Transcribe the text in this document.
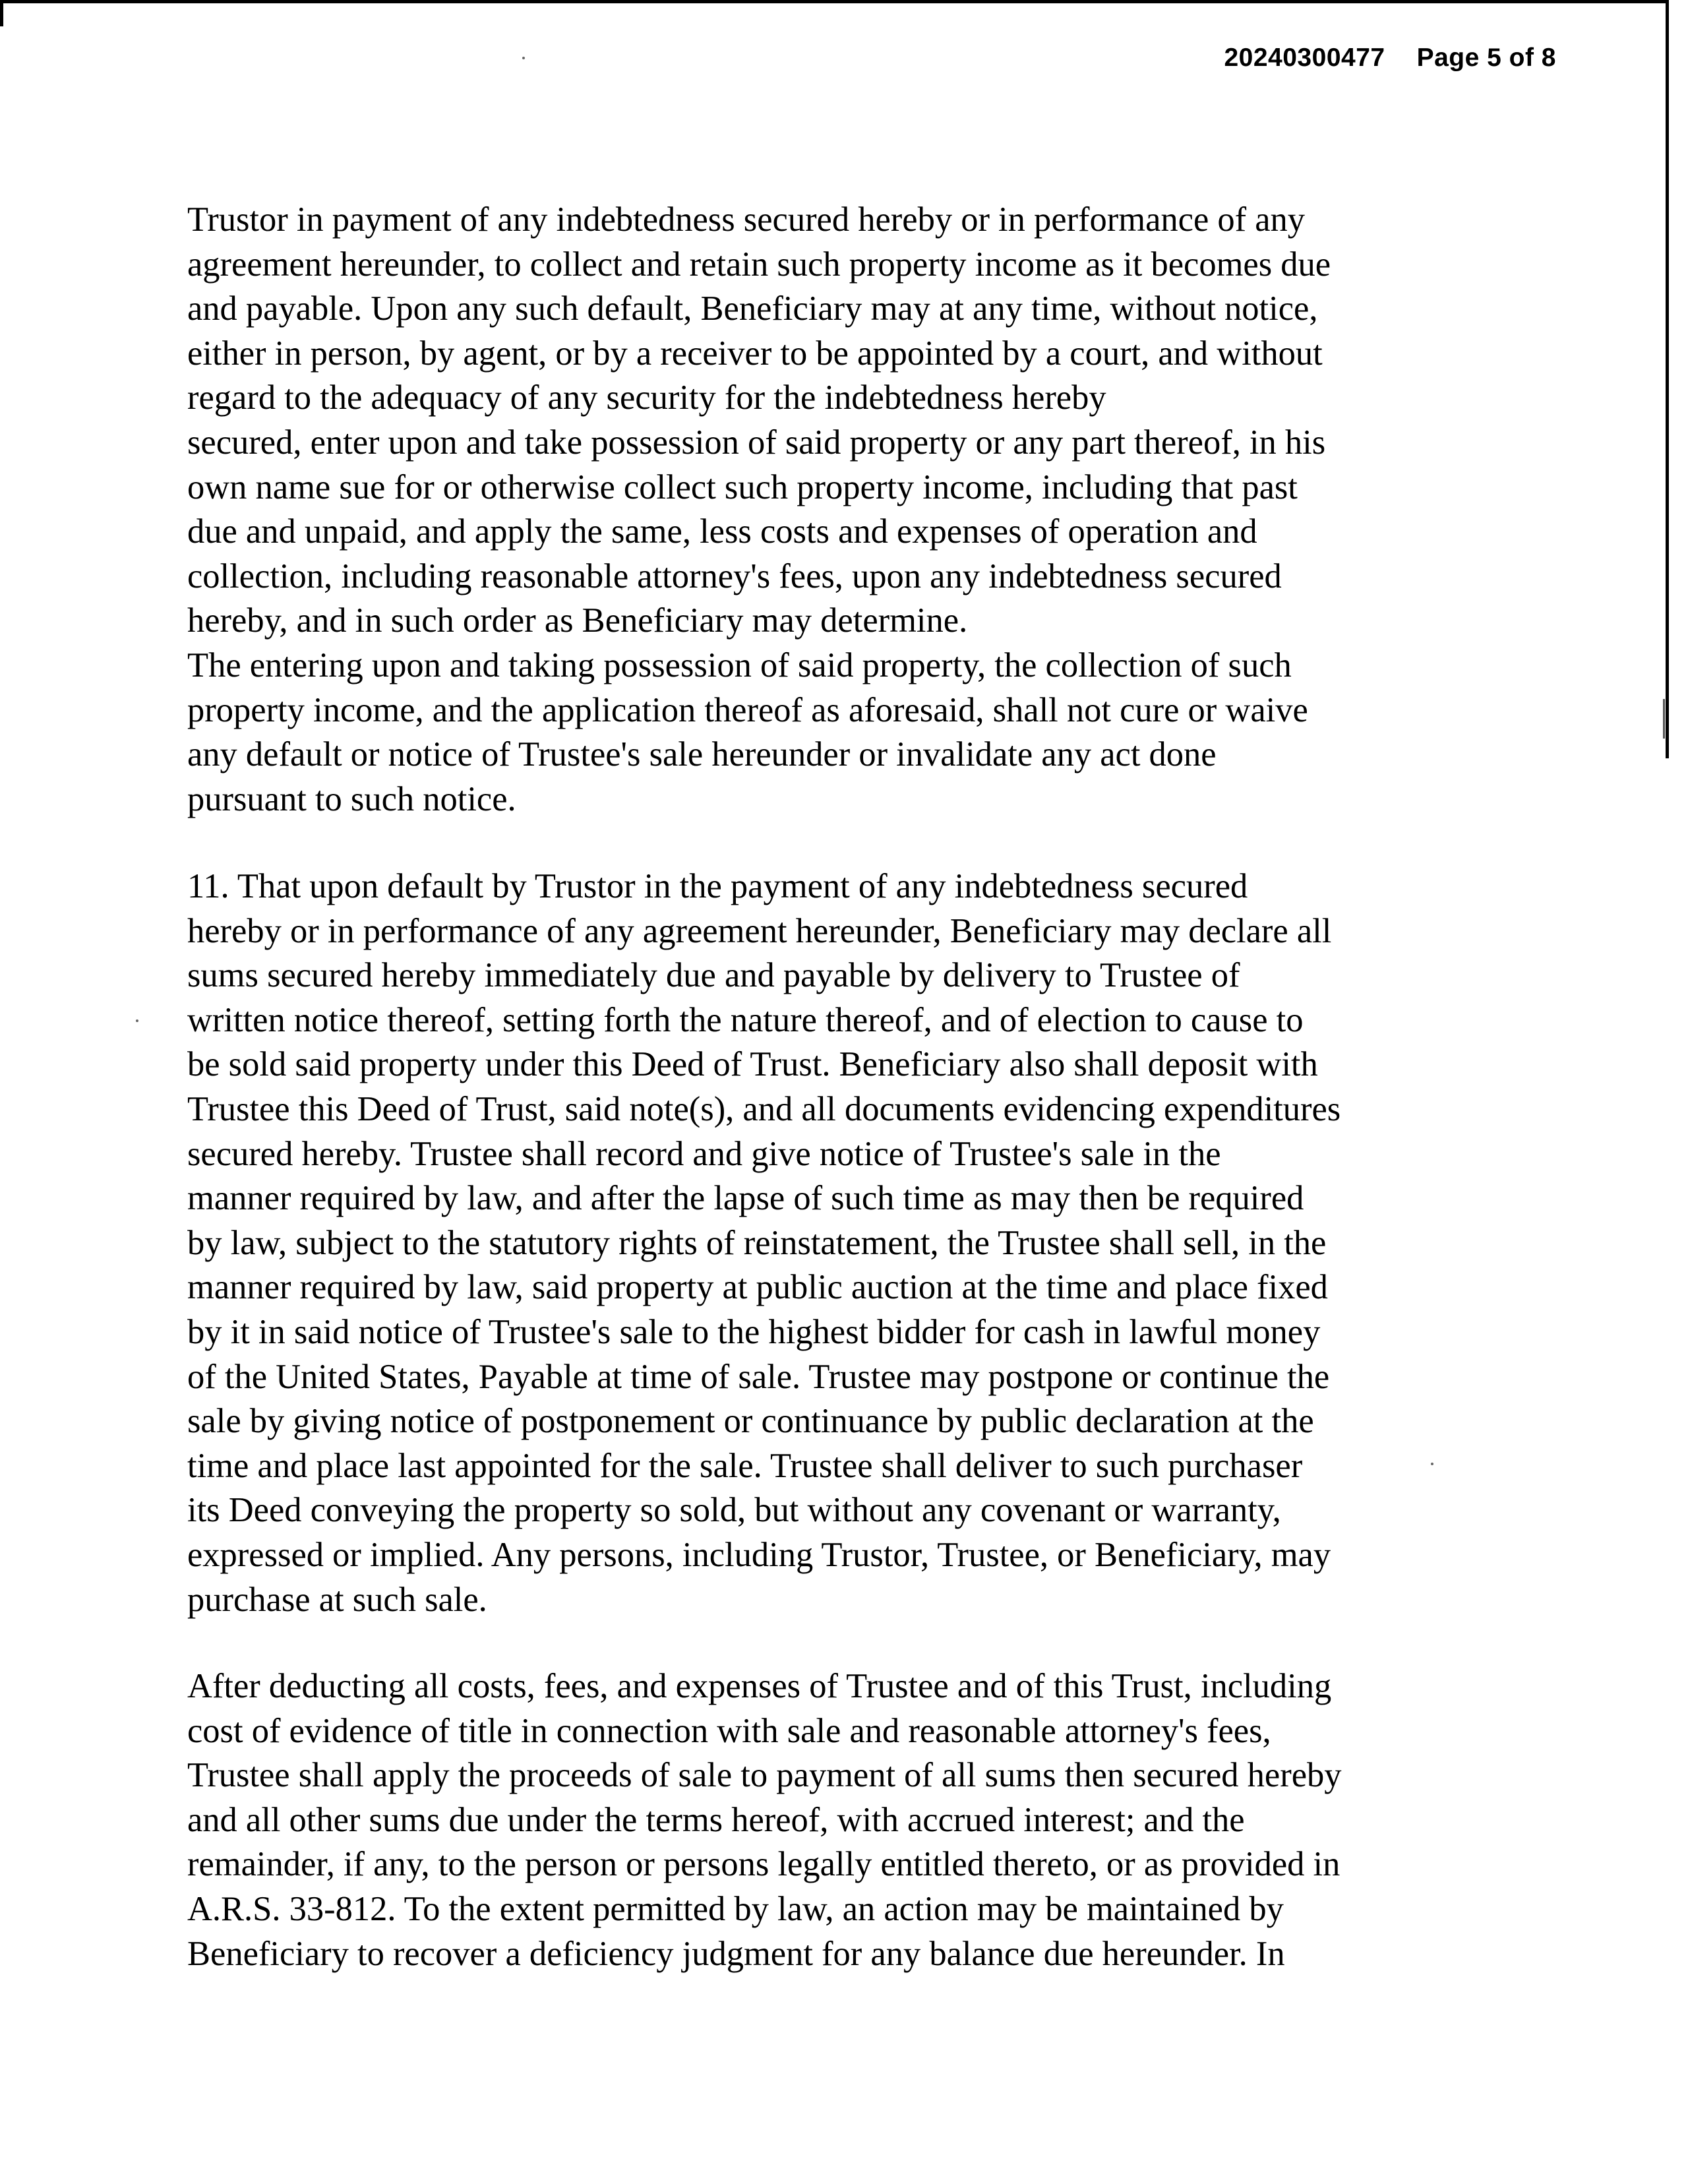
20240300477 Page 5 of 8
Trustor in payment of any indebtedness secured hereby or in performance of any
agreement hereunder, to collect and retain such property income as it becomes due
and payable. Upon any such default, Beneficiary may at any time, without notice,
either in person, by agent, or by a receiver to be appointed by a court, and without
regard to the adequacy of any security for the indebtedness hereby
secured, enter upon and take possession of said property or any part thereof, in his
own name sue for or otherwise collect such property income, including that past
due and unpaid, and apply the same, less costs and expenses of operation and
collection, including reasonable attorney's fees, upon any indebtedness secured
hereby, and in such order as Beneficiary may determine.
The entering upon and taking possession of said property, the collection of such
property income, and the application thereof as aforesaid, shall not cure or waive
any default or notice of Trustee's sale hereunder or invalidate any act done
pursuant to such notice.
11. That upon default by Trustor in the payment of any indebtedness secured
hereby or in performance of any agreement hereunder, Beneficiary may declare all
sums secured hereby immediately due and payable by delivery to Trustee of
written notice thereof, setting forth the nature thereof, and of election to cause to
be sold said property under this Deed of Trust. Beneficiary also shall deposit with
Trustee this Deed of Trust, said note(s), and all documents evidencing expenditures
secured hereby. Trustee shall record and give notice of Trustee's sale in the
manner required by law, and after the lapse of such time as may then be required
by law, subject to the statutory rights of reinstatement, the Trustee shall sell, in the
manner required by law, said property at public auction at the time and place fixed
by it in said notice of Trustee's sale to the highest bidder for cash in lawful money
of the United States, Payable at time of sale. Trustee may postpone or continue the
sale by giving notice of postponement or continuance by public declaration at the
time and place last appointed for the sale. Trustee shall deliver to such purchaser
its Deed conveying the property so sold, but without any covenant or warranty,
expressed or implied. Any persons, including Trustor, Trustee, or Beneficiary, may
purchase at such sale.
After deducting all costs, fees, and expenses of Trustee and of this Trust, including
cost of evidence of title in connection with sale and reasonable attorney's fees,
Trustee shall apply the proceeds of sale to payment of all sums then secured hereby
and all other sums due under the terms hereof, with accrued interest; and the
remainder, if any, to the person or persons legally entitled thereto, or as provided in
A.R.S. 33-812. To the extent permitted by law, an action may be maintained by
Beneficiary to recover a deficiency judgment for any balance due hereunder. In
